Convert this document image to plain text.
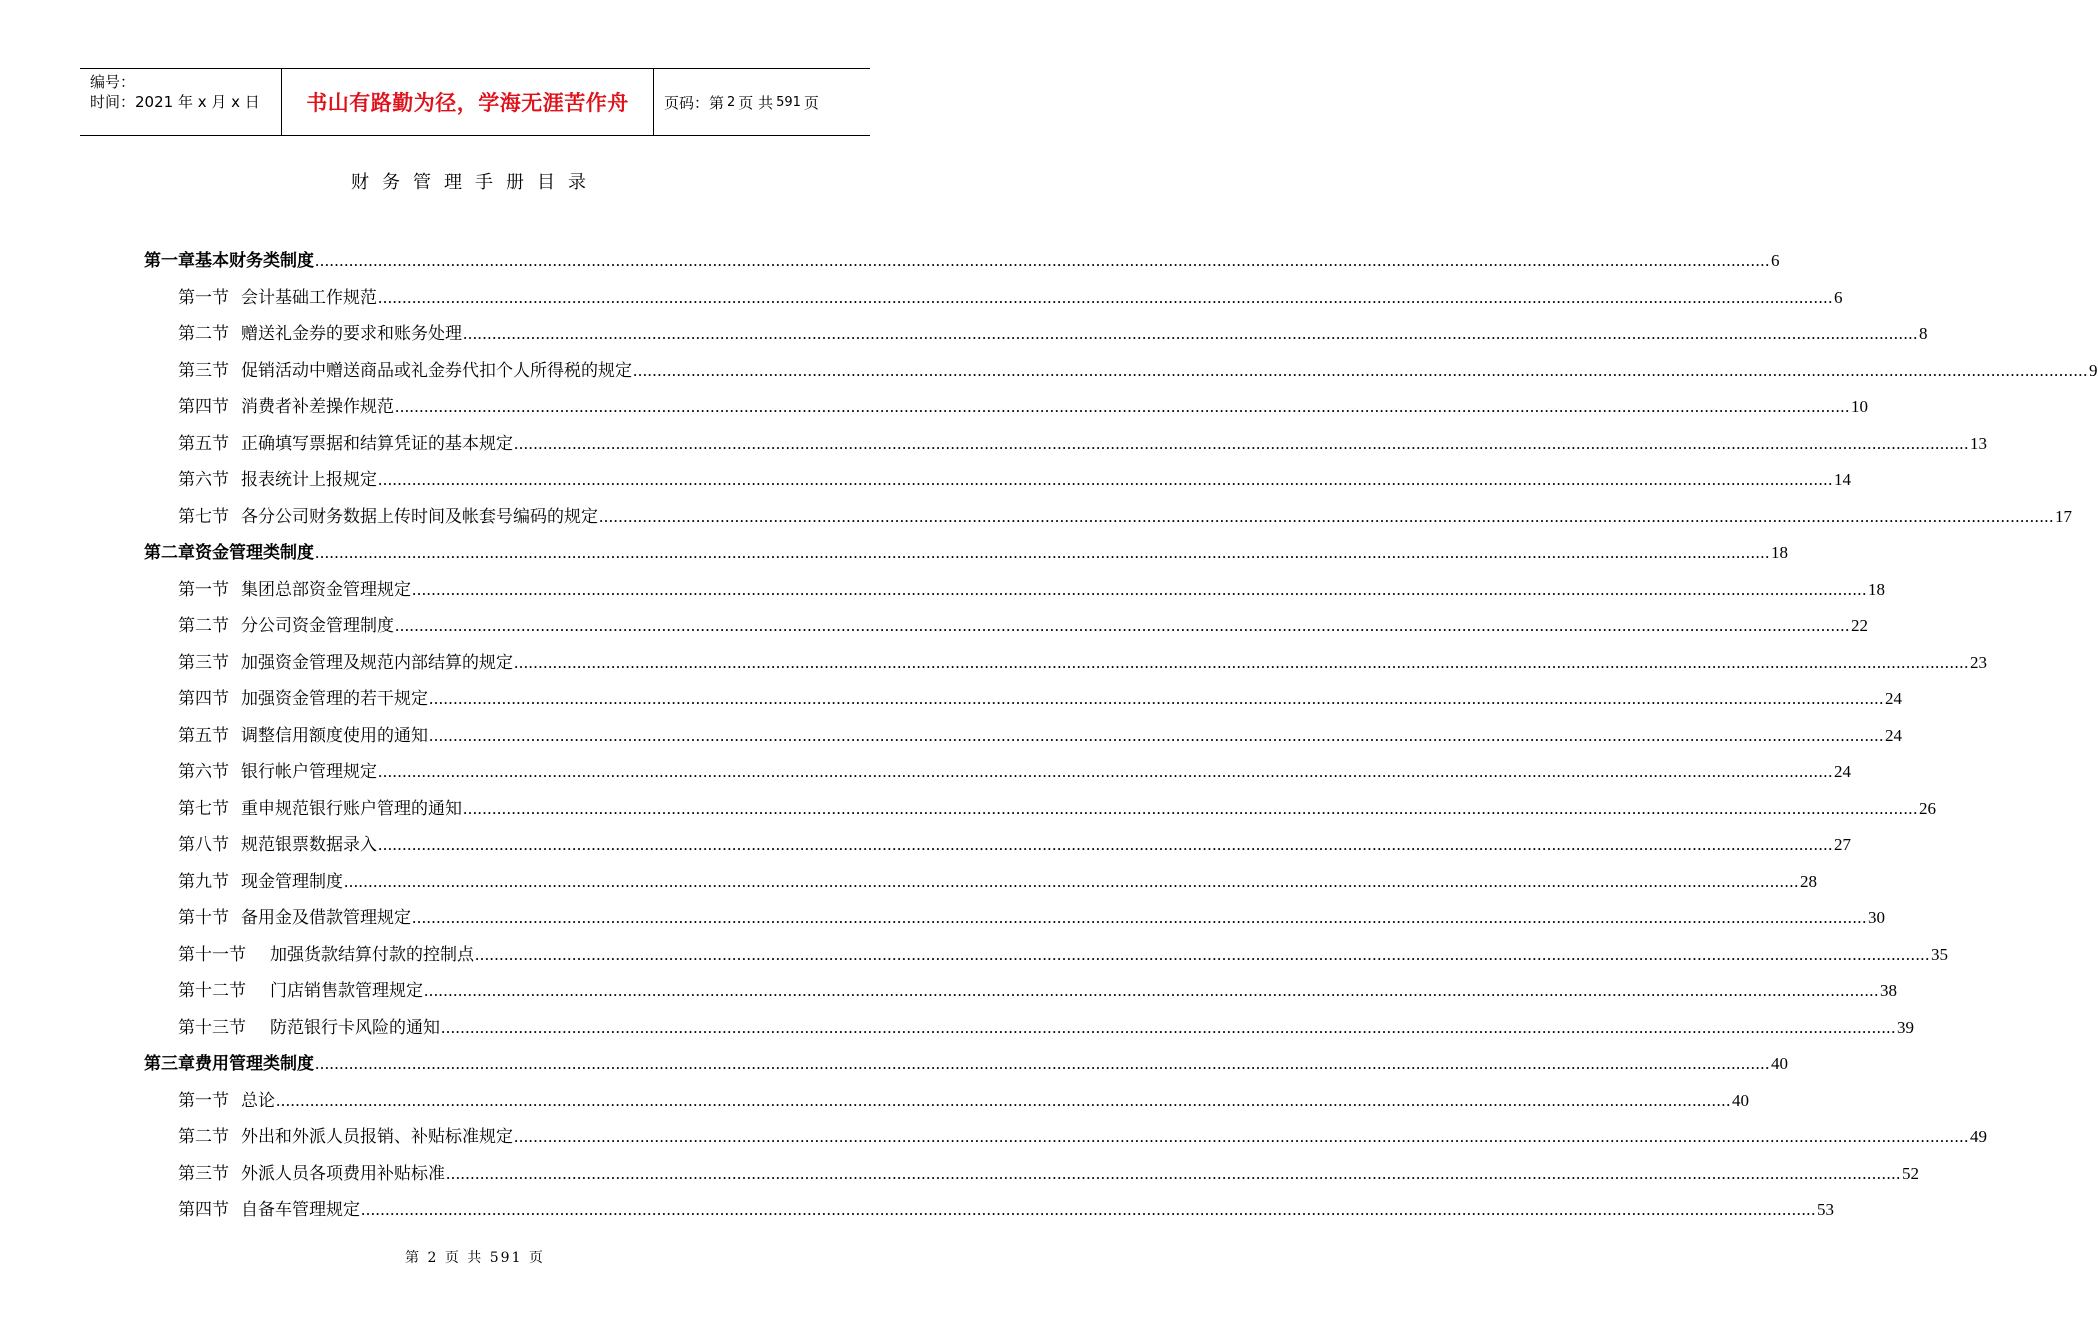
编号：
时间：2021 年 x 月 x 日	书山有路勤为径，学海无涯苦作舟	页码：第 2 页 共 591 页
财务管理手册目录
第一章 基本财务类制度 ............................................................................................................................................................................................................................................................................................................ 6
第一节 会计基础工作规范 ............................................................................................................................................................................................................................................................................................................ 6
第二节 赠送礼金券的要求和账务处理 ............................................................................................................................................................................................................................................................................................................ 8
第三节 促销活动中赠送商品或礼金券代扣个人所得税的规定 ............................................................................................................................................................................................................................................................................................................ 9
第四节 消费者补差操作规范 ............................................................................................................................................................................................................................................................................................................ 10
第五节 正确填写票据和结算凭证的基本规定 ............................................................................................................................................................................................................................................................................................................ 13
第六节 报表统计上报规定 ............................................................................................................................................................................................................................................................................................................ 14
第七节 各分公司财务数据上传时间及帐套号编码的规定 ............................................................................................................................................................................................................................................................................................................ 17
第二章 资金管理类制度 ............................................................................................................................................................................................................................................................................................................ 18
第一节 集团总部资金管理规定 ............................................................................................................................................................................................................................................................................................................ 18
第二节 分公司资金管理制度 ............................................................................................................................................................................................................................................................................................................ 22
第三节 加强资金管理及规范内部结算的规定 ............................................................................................................................................................................................................................................................................................................ 23
第四节 加强资金管理的若干规定 ............................................................................................................................................................................................................................................................................................................ 24
第五节 调整信用额度使用的通知 ............................................................................................................................................................................................................................................................................................................ 24
第六节 银行帐户管理规定 ............................................................................................................................................................................................................................................................................................................ 24
第七节 重申规范银行账户管理的通知 ............................................................................................................................................................................................................................................................................................................ 26
第八节 规范银票数据录入 ............................................................................................................................................................................................................................................................................................................ 27
第九节 现金管理制度 ............................................................................................................................................................................................................................................................................................................ 28
第十节 备用金及借款管理规定 ............................................................................................................................................................................................................................................................................................................ 30
第十一节 加强货款结算付款的控制点 ............................................................................................................................................................................................................................................................................................................ 35
第十二节 门店销售款管理规定 ............................................................................................................................................................................................................................................................................................................ 38
第十三节 防范银行卡风险的通知 ............................................................................................................................................................................................................................................................................................................ 39
第三章 费用管理类制度 ............................................................................................................................................................................................................................................................................................................ 40
第一节 总论 ............................................................................................................................................................................................................................................................................................................ 40
第二节 外出和外派人员报销、补贴标准规定 ............................................................................................................................................................................................................................................................................................................ 49
第三节 外派人员各项费用补贴标准 ............................................................................................................................................................................................................................................................................................................ 52
第四节 自备车管理规定 ............................................................................................................................................................................................................................................................................................................ 53
第 2 页 共 591 页
